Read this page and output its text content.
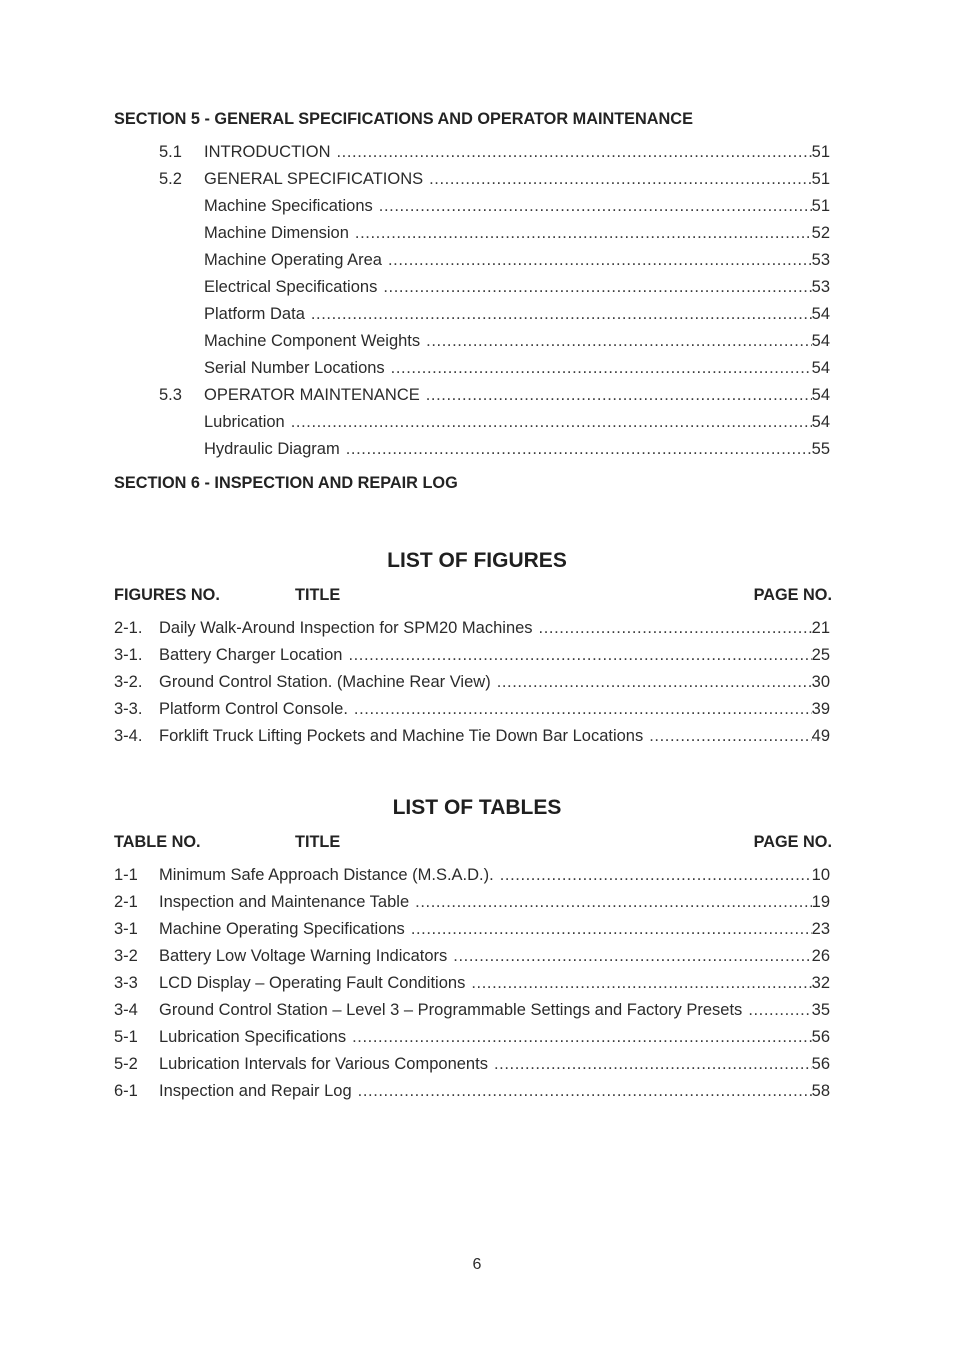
SECTION 5 - GENERAL SPECIFICATIONS AND OPERATOR MAINTENANCE
5.1 INTRODUCTION .....	51
5.2 GENERAL SPECIFICATIONS .....	51
Machine Specifications .....	51
Machine Dimension .....	52
Machine Operating Area .....	53
Electrical Specifications .....	53
Platform Data .....	54
Machine Component Weights .....	54
Serial Number Locations .....	54
5.3 OPERATOR MAINTENANCE .....	54
Lubrication .....	54
Hydraulic Diagram .....	55
SECTION 6 - INSPECTION AND REPAIR LOG
LIST OF FIGURES
FIGURES NO.	TITLE	PAGE NO.
2-1. Daily Walk-Around Inspection for SPM20 Machines .....	21
3-1. Battery Charger Location .....	25
3-2. Ground Control Station. (Machine Rear View) .....	30
3-3. Platform Control Console. .....	39
3-4. Forklift Truck Lifting Pockets and Machine Tie Down Bar Locations .....	49
LIST OF TABLES
TABLE NO.	TITLE	PAGE NO.
1-1 Minimum Safe Approach Distance (M.S.A.D.). .....	10
2-1 Inspection and Maintenance Table .....	19
3-1 Machine Operating Specifications .....	23
3-2 Battery Low Voltage Warning Indicators .....	26
3-3 LCD Display – Operating Fault Conditions .....	32
3-4 Ground Control Station – Level 3 – Programmable Settings and Factory Presets .....	35
5-1 Lubrication Specifications .....	56
5-2 Lubrication Intervals for Various Components .....	56
6-1 Inspection and Repair Log .....	58
6
